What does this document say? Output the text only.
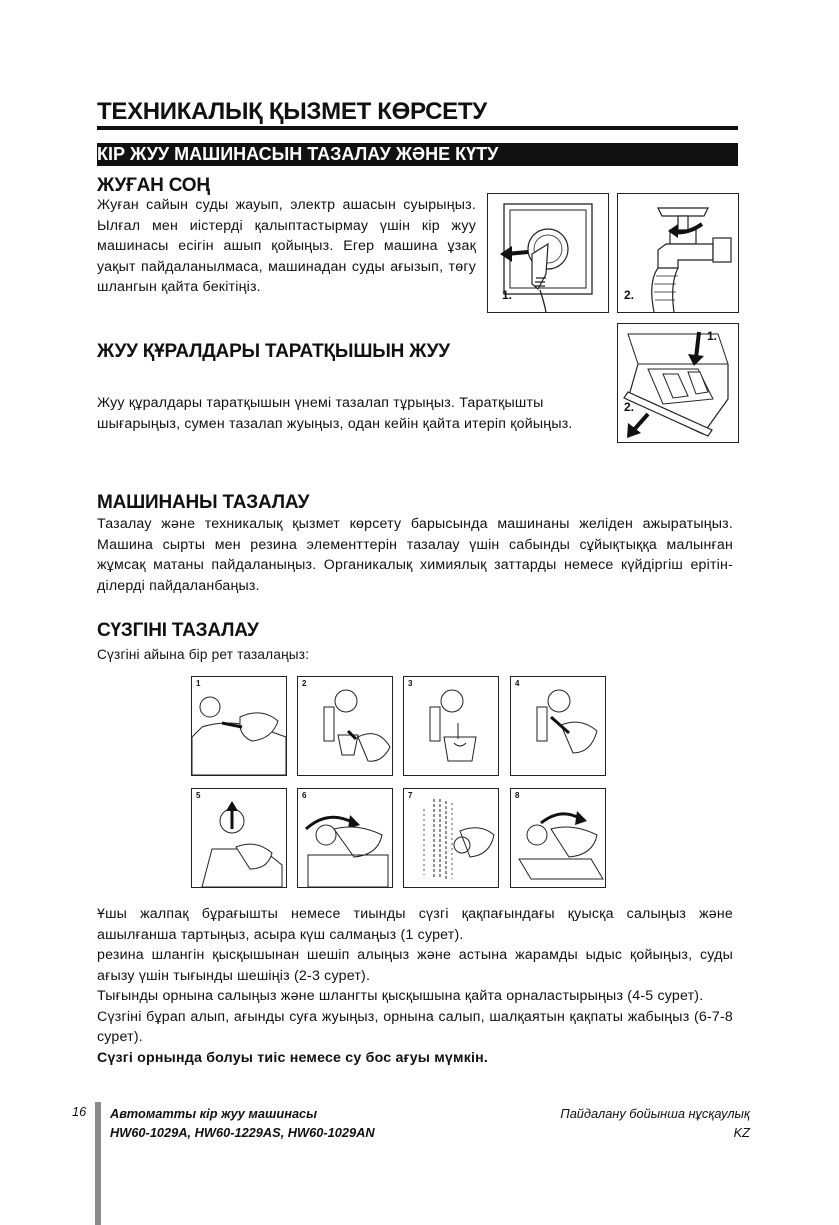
ТЕХНИКАЛЫҚ ҚЫЗМЕТ КӨРСЕТУ
КІР ЖУУ МАШИНАСЫН ТАЗАЛАУ ЖӘНЕ КҮТУ
ЖУҒАН СОҢ

Жуған сайын суды жауып, электр ашасын суырыңыз. Ылғал мен иістерді қалыптастырмау үшін кір жуу машинасы есігін ашып қойыңыз. Егер машина ұзақ уақыт пайдаланылмаса, машинадан суды ағызып, төгу шлангын қайта бекітіңіз.	1.	2.
ЖУУ ҚҰРАЛДАРЫ ТАРАТҚЫШЫН ЖУУ

Жуу құралдары таратқышын үнемі тазалап тұрыңыз. Таратқышты шығарыңыз, сумен тазалап жуыңыз, одан кейін қайта итеріп қойыңыз.

1.
2.
МАШИНАНЫ ТАЗАЛАУ

Тазалау және техникалық қызмет көрсету барысында машинаны желіден ажыратыңыз. Машина сырты мен резина элементтерін тазалау үшін сабынды сұйықтыққа малынған жұмсақ матаны пайдаланыңыз. Органикалық химиялық заттарды немесе күйдіргіш ерітін-ділерді пайдаланбаңыз.

СҮЗГІНІ ТАЗАЛАУ
Сүзгіні айына бір рет тазалаңыз:
1	2	3	4
5	6	7	8

Ұшы жалпақ бұрағышты немесе тиынды сүзгі қақпағындағы қуысқа салыңыз және ашылғанша тартыңыз, асыра күш салмаңыз (1 сурет).

резина шлангін қысқышынан шешіп алыңыз және астына жарамды ыдыс қойыңыз, суды ағызу үшін тығынды шешіңіз (2-3 сурет).

Тығынды орнына салыңыз және шлангты қысқышына қайта орналастырыңыз (4-5 сурет).

Сүзгіні бұрап алып, ағынды суға жуыңыз, орнына салып, шалқаятын қақпаты жабыңыз (6-7-8 сурет).

Сүзгі орнында болуы тиіс немесе су бос ағуы мүмкін.

16 Автоматты кір жуу машинасы
HW60-1029A, HW60-1229AS, HW60-1029AN
Пайдалану бойынша нұсқаулық
KZ
